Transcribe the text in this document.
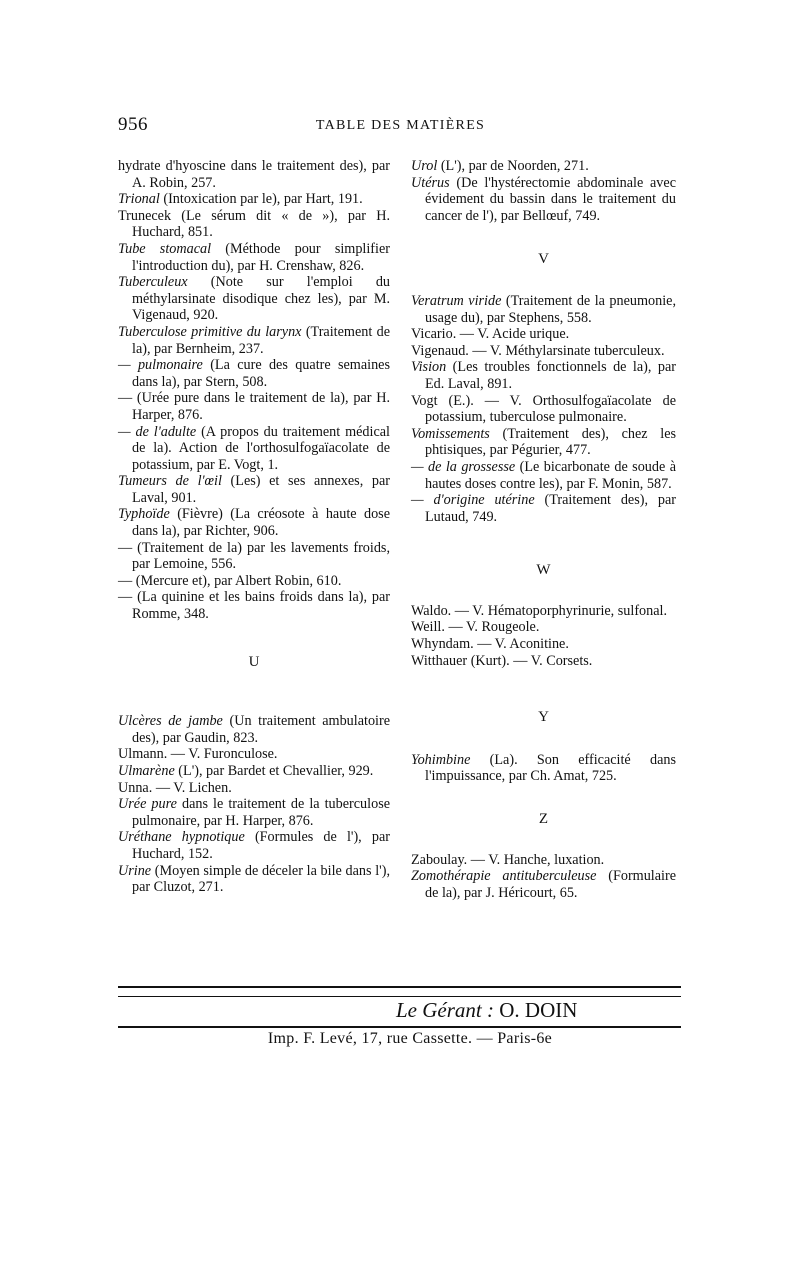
956	TABLE DES MATIÈRES

hydrate d'hyoscine dans le traitement des), par A. Robin, 257.

Trional (Intoxication par le), par Hart, 191.

Trunecek (Le sérum dit « de »), par H. Huchard, 851.

Tube stomacal (Méthode pour simplifier l'introduction du), par H. Crenshaw, 826.

Tuberculeux (Note sur l'emploi du méthylarsinate disodique chez les), par M. Vigenaud, 920.

Tuberculose primitive du larynx (Traitement de la), par Bernheim, 237.

— pulmonaire (La cure des quatre semaines dans la), par Stern, 508.

— (Urée pure dans le traitement de la), par H. Harper, 876.

— de l'adulte (A propos du traitement médical de la). Action de l'orthosulfogaïacolate de potassium, par E. Vogt, 1.

Tumeurs de l'œil (Les) et ses annexes, par Laval, 901.

Typhoïde (Fièvre) (La créosote à haute dose dans la), par Richter, 906.

— (Traitement de la) par les lavements froids, par Lemoine, 556.

— (Mercure et), par Albert Robin, 610.

— (La quinine et les bains froids dans la), par Romme, 348.

U

Ulcères de jambe (Un traitement ambulatoire des), par Gaudin, 823.

Ulmann. — V. Furonculose.

Ulmarène (L'), par Bardet et Chevallier, 929.

Unna. — V. Lichen.

Urée pure dans le traitement de la tuberculose pulmonaire, par H. Harper, 876.

Uréthane hypnotique (Formules de l'), par Huchard, 152.

Urine (Moyen simple de déceler la bile dans l'), par Cluzot, 271.

Urol (L'), par de Noorden, 271.

Utérus (De l'hystérectomie abdominale avec évidement du bassin dans le traitement du cancer de l'), par Bellœuf, 749.

V

Veratrum viride (Traitement de la pneumonie, usage du), par Stephens, 558.

Vicario. — V. Acide urique.

Vigenaud. — V. Méthylarsinate tuberculeux.

Vision (Les troubles fonctionnels de la), par Ed. Laval, 891.

Vogt (E.). — V. Orthosulfogaïacolate de potassium, tuberculose pulmonaire.

Vomissements (Traitement des), chez les phtisiques, par Pégurier, 477.

— de la grossesse (Le bicarbonate de soude à hautes doses contre les), par F. Monin, 587.

— d'origine utérine (Traitement des), par Lutaud, 749.

W

Waldo. — V. Hématoporphyrinurie, sulfonal.

Weill. — V. Rougeole.

Whyndam. — V. Aconitine.

Witthauer (Kurt). — V. Corsets.

Y

Yohimbine (La). Son efficacité dans l'impuissance, par Ch. Amat, 725.

Z

Zaboulay. — V. Hanche, luxation.

Zomothérapie antituberculeuse (Formulaire de la), par J. Héricourt, 65.

Le Gérant : O. DOIN
Imp. F. Levé, 17, rue Cassette. — Paris-6e
